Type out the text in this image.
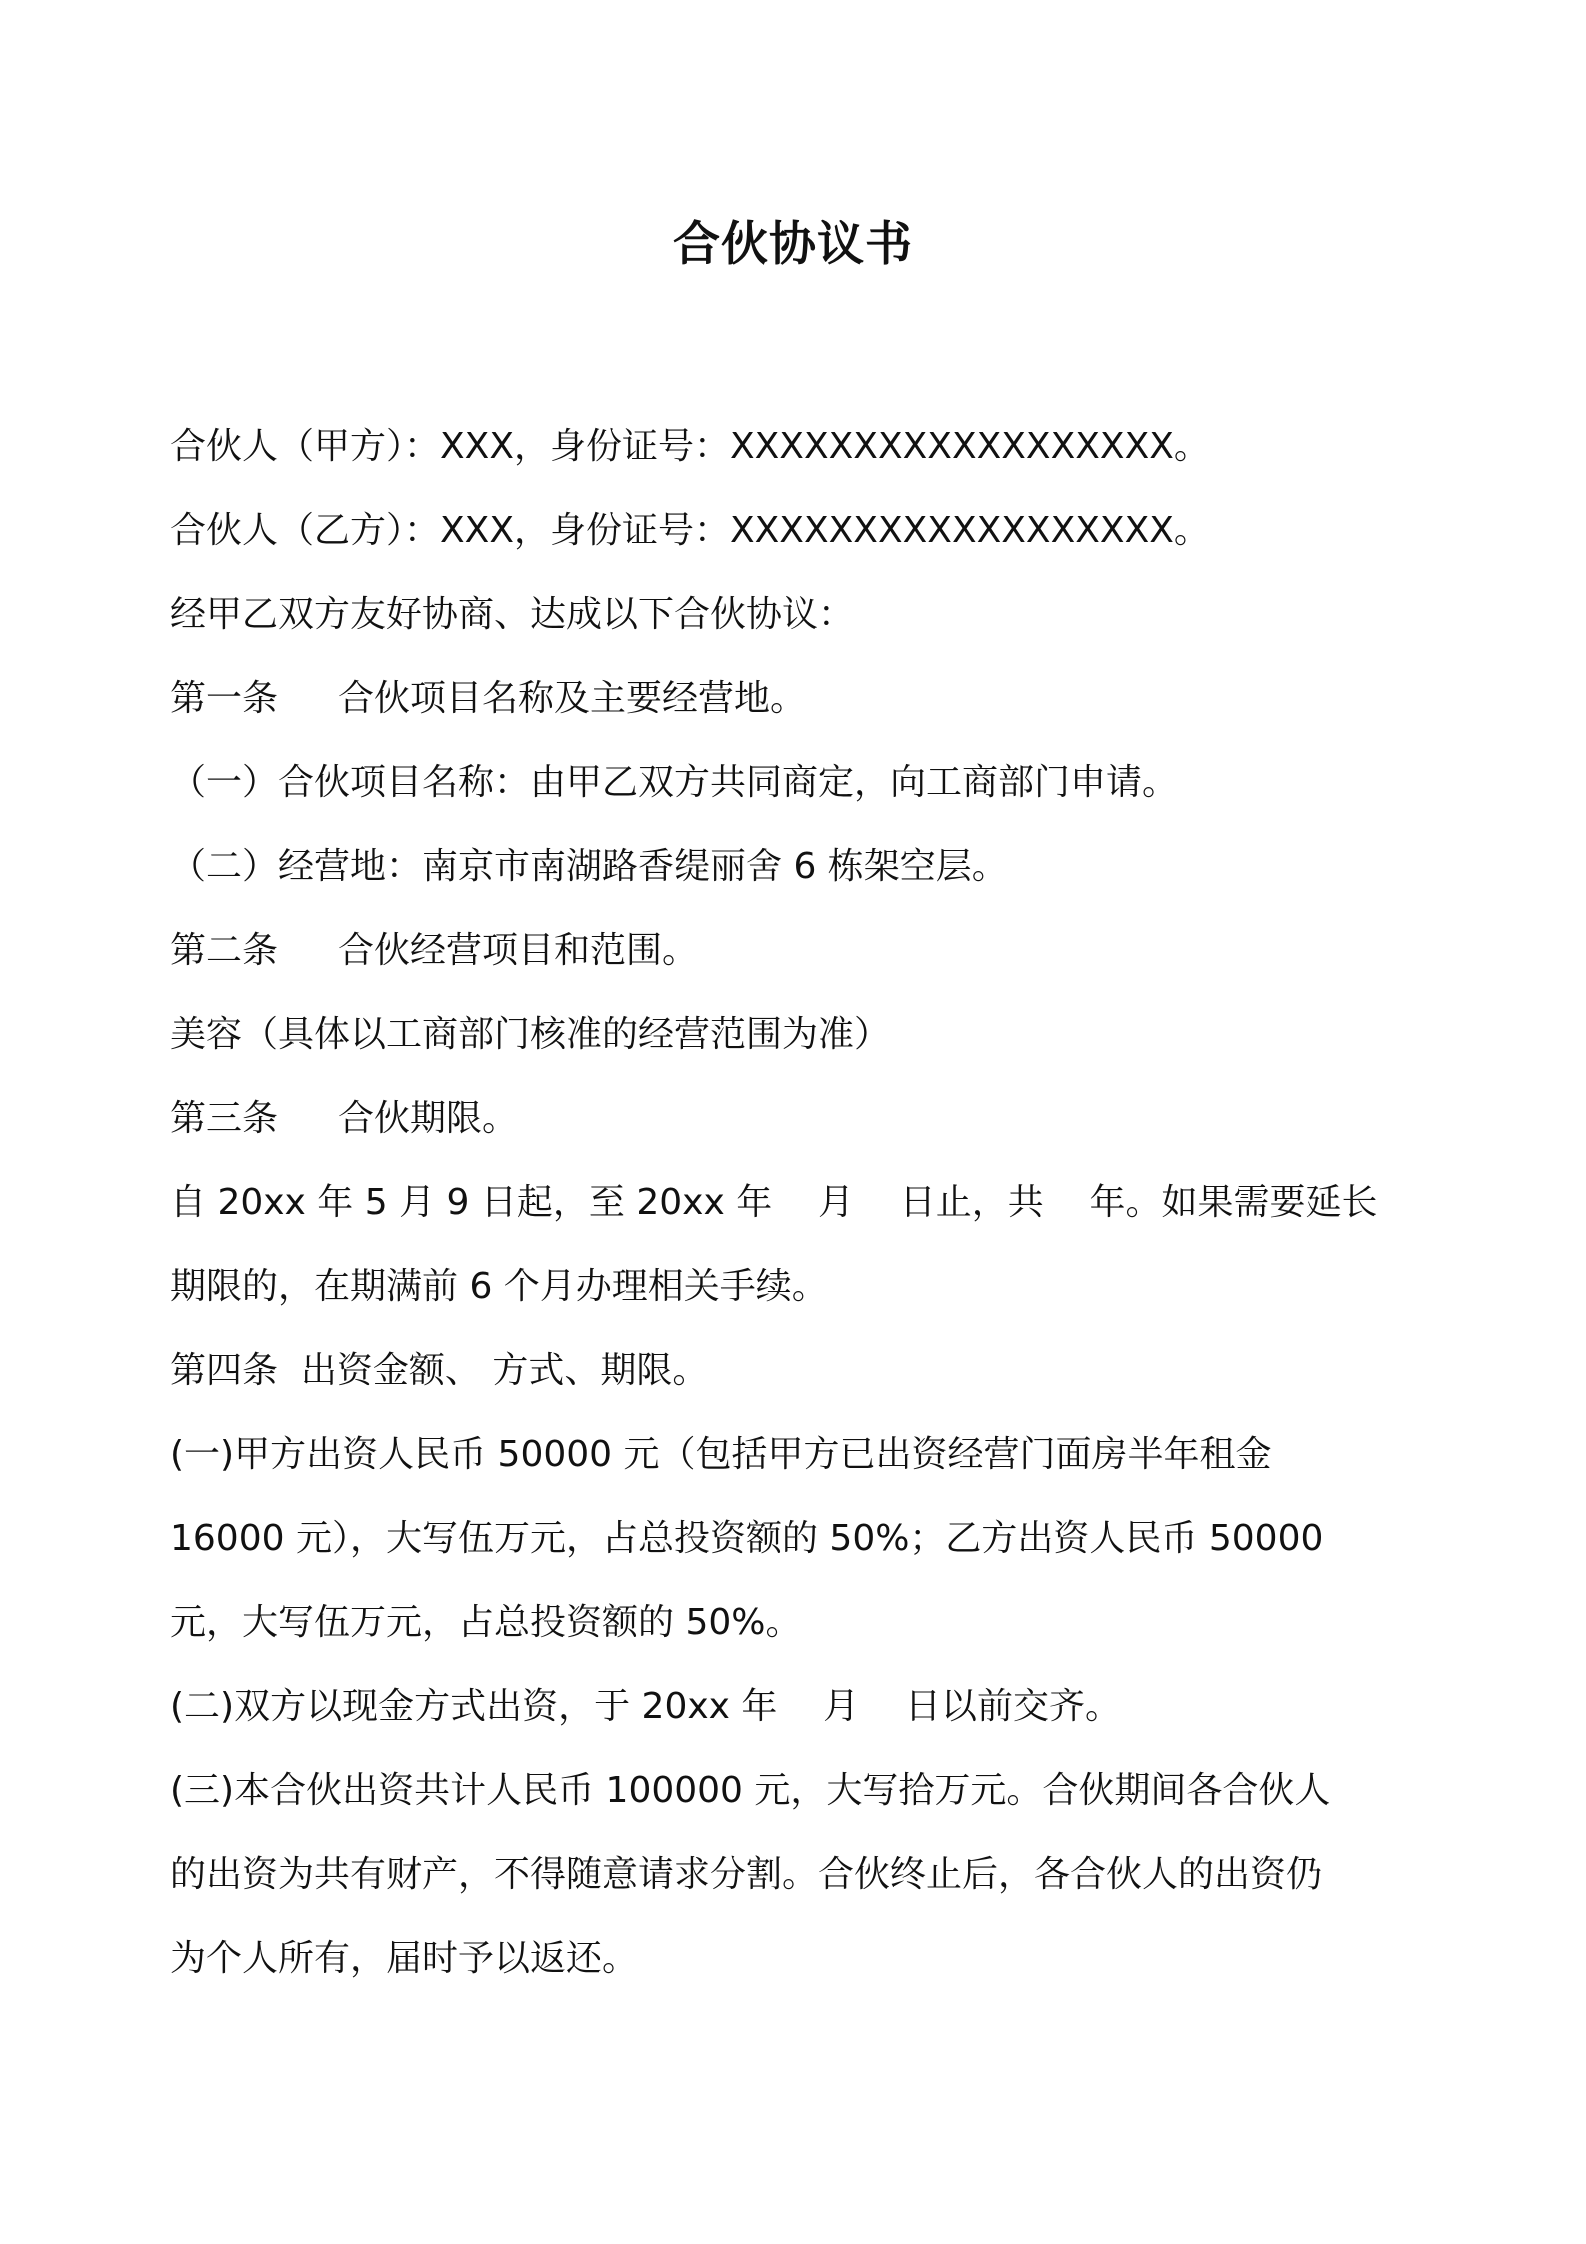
合伙协议书
合伙人（甲方）：XXX，身份证号：XXXXXXXXXXXXXXXXXX。
合伙人（乙方）：XXX，身份证号：XXXXXXXXXXXXXXXXXX。
经甲乙双方友好协商、达成以下合伙协议：
第一条 合伙项目名称及主要经营地。
（一）合伙项目名称：由甲乙双方共同商定，向工商部门申请。
（二）经营地：南京市南湖路香缇丽舍 6 栋架空层。
第二条 合伙经营项目和范围。
美容（具体以工商部门核准的经营范围为准）
第三条 合伙期限。
自 20xx 年 5 月 9 日起，至 20xx 年    月    日止，共    年。如果需要延长
期限的，在期满前 6 个月办理相关手续。
第四条  出资金额、 方式、期限。
(一)甲方出资人民币 50000 元（包括甲方已出资经营门面房半年租金
16000 元），大写伍万元，占总投资额的 50%；乙方出资人民币 50000
元，大写伍万元，占总投资额的 50%。
(二)双方以现金方式出资，于 20xx 年    月    日以前交齐。
(三)本合伙出资共计人民币 100000 元，大写拾万元。合伙期间各合伙人
的出资为共有财产，不得随意请求分割。合伙终止后，各合伙人的出资仍
为个人所有，届时予以返还。
